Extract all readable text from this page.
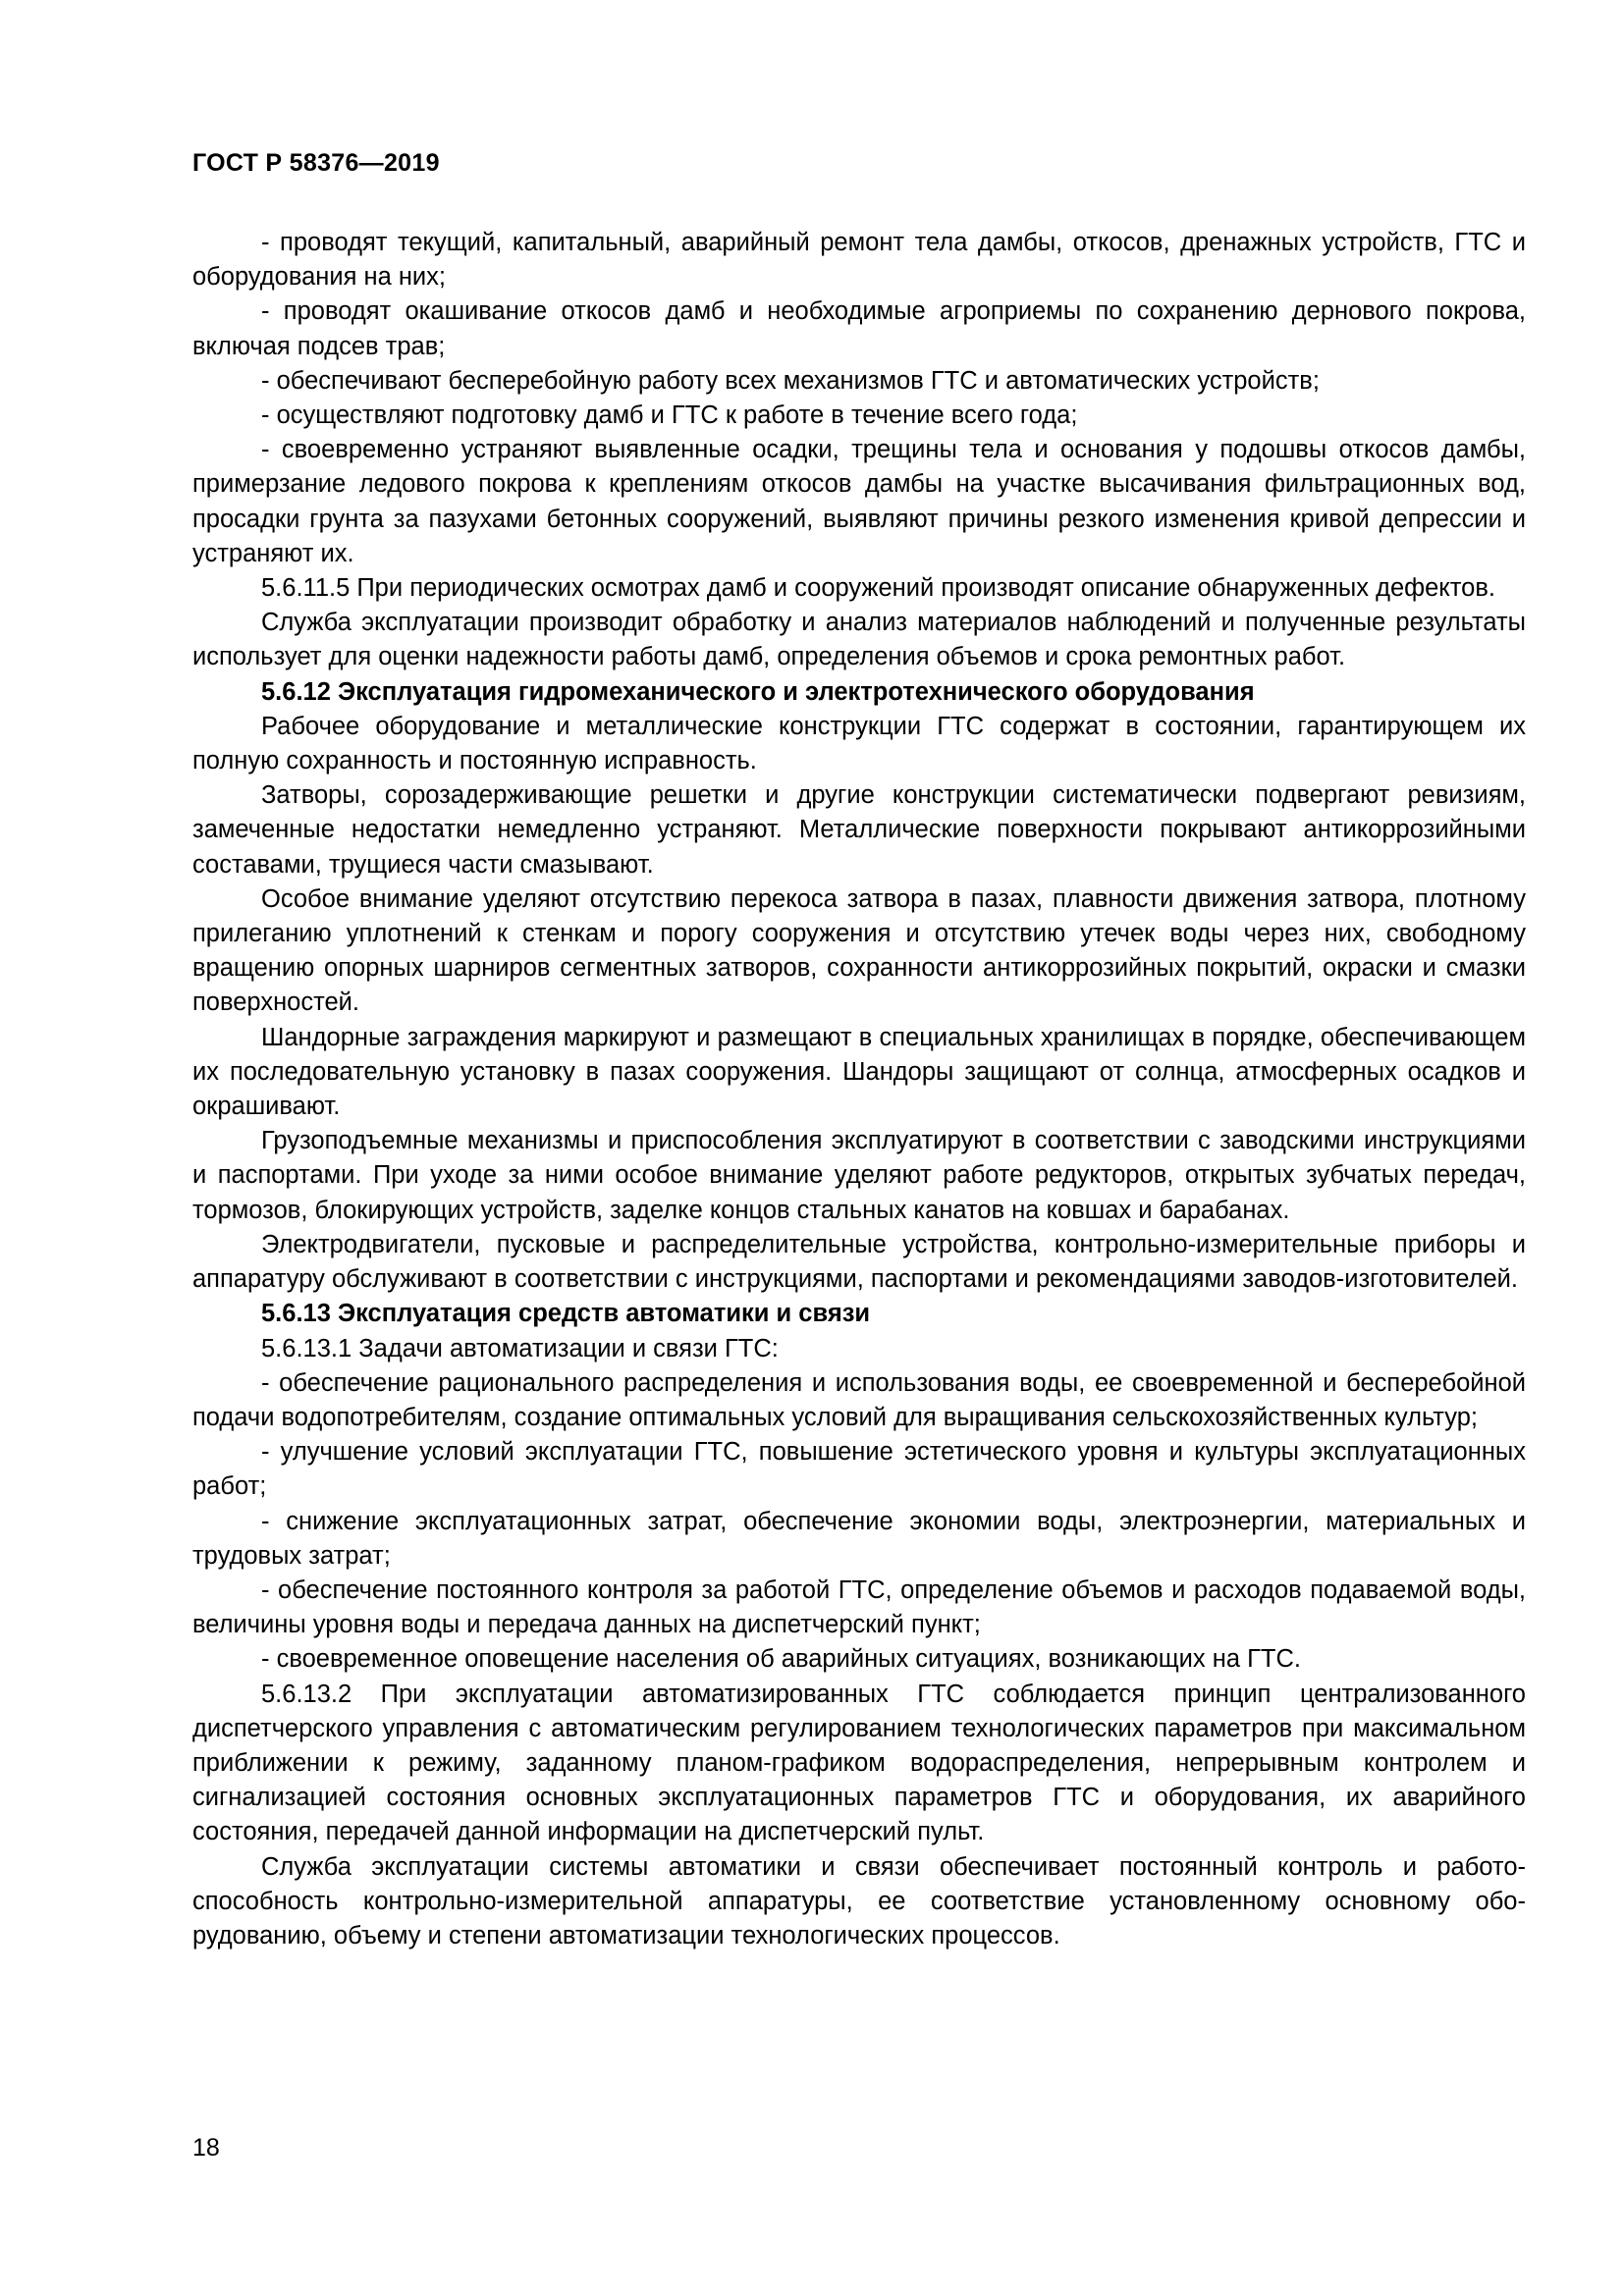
ГОСТ Р 58376—2019

- проводят текущий, капитальный, аварийный ремонт тела дамбы, откосов, дренажных устройств, ГТС и оборудования на них;

- проводят окашивание откосов дамб и необходимые агроприемы по сохранению дернового покрова, включая подсев трав;

- обеспечивают бесперебойную работу всех механизмов ГТС и автоматических устройств;

- осуществляют подготовку дамб и ГТС к работе в течение всего года;

- своевременно устраняют выявленные осадки, трещины тела и основания у подошвы откосов дамбы, примерзание ледового покрова к креплениям откосов дамбы на участке высачивания фильтрационных вод, просадки грунта за пазухами бетонных сооружений, выявляют причины резкого изменения кривой депрессии и устраняют их.

5.6.11.5 При периодических осмотрах дамб и сооружений производят описание обнаруженных дефектов.

Служба эксплуатации производит обработку и анализ материалов наблюдений и полученные результаты использует для оценки надежности работы дамб, определения объемов и срока ремонтных работ.

5.6.12 Эксплуатация гидромеханического и электротехнического оборудования

Рабочее оборудование и металлические конструкции ГТС содержат в состоянии, гарантирующем их полную сохранность и постоянную исправность.

Затворы, сорозадерживающие решетки и другие конструкции систематически подвергают ревизиям, замеченные недостатки немедленно устраняют. Металлические поверхности покрывают антикоррозийными составами, трущиеся части смазывают.

Особое внимание уделяют отсутствию перекоса затвора в пазах, плавности движения затвора, плотному прилеганию уплотнений к стенкам и порогу сооружения и отсутствию утечек воды через них, свободному вращению опорных шарниров сегментных затворов, сохранности антикоррозийных покрытий, окраски и смазки поверхностей.

Шандорные заграждения маркируют и размещают в специальных хранилищах в порядке, обеспечивающем их последовательную установку в пазах сооружения. Шандоры защищают от солнца, атмосферных осадков и окрашивают.

Грузоподъемные механизмы и приспособления эксплуатируют в соответствии с заводскими инструкциями и паспортами. При уходе за ними особое внимание уделяют работе редукторов, открытых зубчатых передач, тормозов, блокирующих устройств, заделке концов стальных канатов на ковшах и барабанах.

Электродвигатели, пусковые и распределительные устройства, контрольно-измерительные приборы и аппаратуру обслуживают в соответствии с инструкциями, паспортами и рекомендациями заводов-изготовителей.

5.6.13 Эксплуатация средств автоматики и связи

5.6.13.1 Задачи автоматизации и связи ГТС:

- обеспечение рационального распределения и использования воды, ее своевременной и бесперебойной подачи водопотребителям, создание оптимальных условий для выращивания сельскохозяйственных культур;

- улучшение условий эксплуатации ГТС, повышение эстетического уровня и культуры эксплуатационных работ;

- снижение эксплуатационных затрат, обеспечение экономии воды, электроэнергии, материальных и трудовых затрат;

- обеспечение постоянного контроля за работой ГТС, определение объемов и расходов подаваемой воды, величины уровня воды и передача данных на диспетчерский пункт;

- своевременное оповещение населения об аварийных ситуациях, возникающих на ГТС.

5.6.13.2 При эксплуатации автоматизированных ГТС соблюдается принцип централизованного диспетчерского управления с автоматическим регулированием технологических параметров при максимальном приближении к режиму, заданному планом-графиком водораспределения, непрерывным контролем и сигнализацией состояния основных эксплуатационных параметров ГТС и оборудования, их аварийного состояния, передачей данной информации на диспетчерский пульт.

Служба эксплуатации системы автоматики и связи обеспечивает постоянный контроль и работоспособность контрольно-измерительной аппаратуры, ее соответствие установленному основному оборудованию, объему и степени автоматизации технологических процессов.

18
